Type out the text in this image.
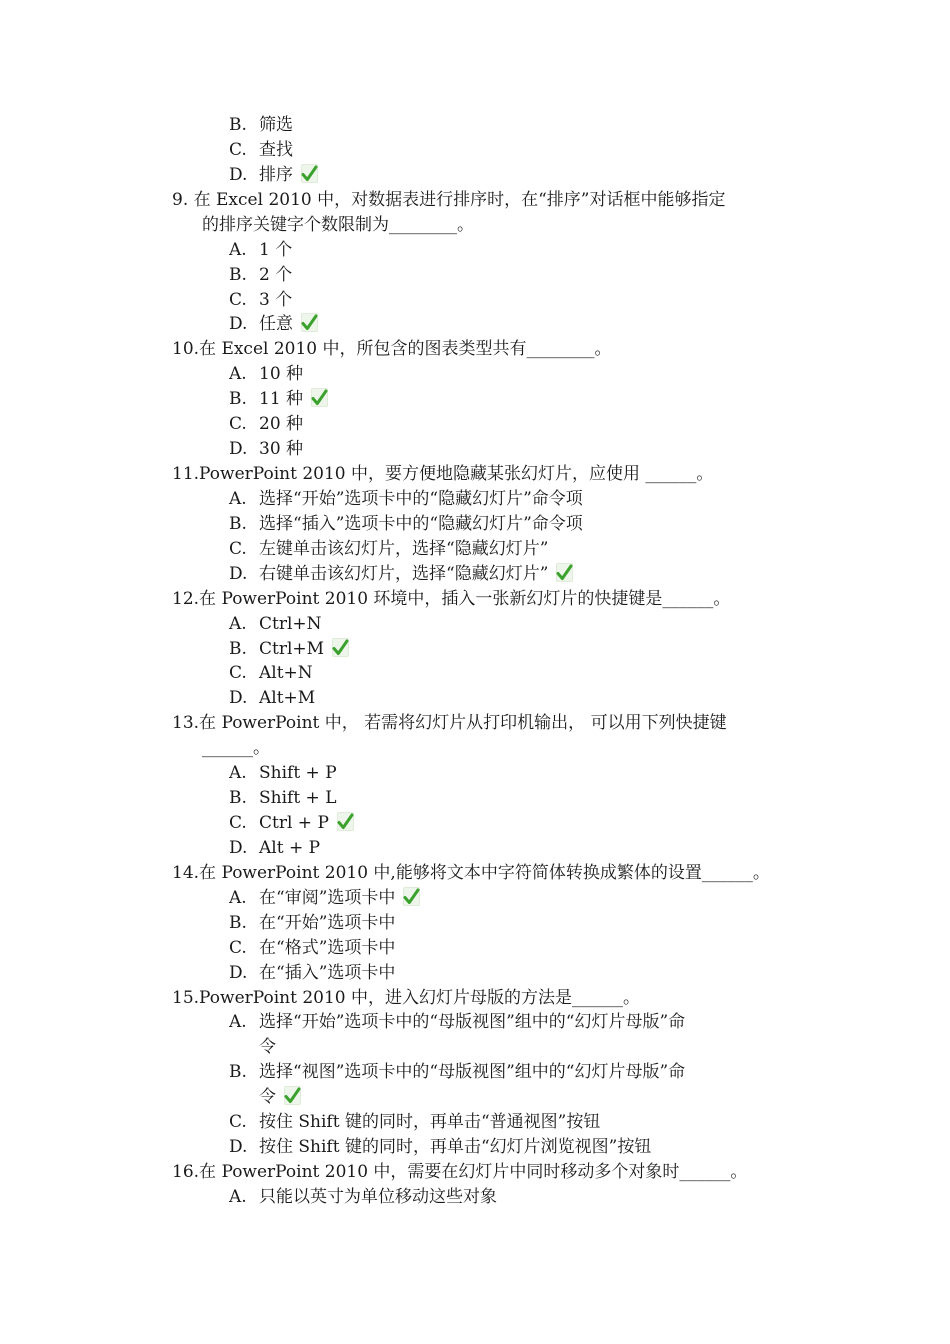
B. 筛选
C. 查找
D. 排序
9. 在 Excel 2010 中，对数据表进行排序时，在“排序”对话框中能够指定
的排序关键字个数限制为________。
A. 1 个
B. 2 个
C. 3 个
D. 任意
10.在 Excel 2010 中，所包含的图表类型共有________。
A. 10 种
B. 11 种
C. 20 种
D. 30 种
11.PowerPoint 2010 中，要方便地隐藏某张幻灯片，应使用 ______。
A. 选择“开始”选项卡中的“隐藏幻灯片”命令项
B. 选择“插入”选项卡中的“隐藏幻灯片”命令项
C. 左键单击该幻灯片，选择“隐藏幻灯片”
D. 右键单击该幻灯片，选择“隐藏幻灯片”
12.在 PowerPoint 2010 环境中，插入一张新幻灯片的快捷键是______。
A. Ctrl+N
B. Ctrl+M
C. Alt+N
D. Alt+M
13.在 PowerPoint 中， 若需将幻灯片从打印机输出， 可以用下列快捷键
______。
A. Shift + P
B. Shift + L
C. Ctrl + P
D. Alt + P
14.在 PowerPoint 2010 中,能够将文本中字符简体转换成繁体的设置______。
A. 在“审阅”选项卡中
B. 在“开始”选项卡中
C. 在“格式”选项卡中
D. 在“插入”选项卡中
15.PowerPoint 2010 中，进入幻灯片母版的方法是______。
A. 选择“开始”选项卡中的“母版视图”组中的“幻灯片母版”命
令
B. 选择“视图”选项卡中的“母版视图”组中的“幻灯片母版”命
令
C. 按住 Shift 键的同时，再单击“普通视图”按钮
D. 按住 Shift 键的同时，再单击“幻灯片浏览视图”按钮
16.在 PowerPoint 2010 中，需要在幻灯片中同时移动多个对象时______。
A. 只能以英寸为单位移动这些对象
